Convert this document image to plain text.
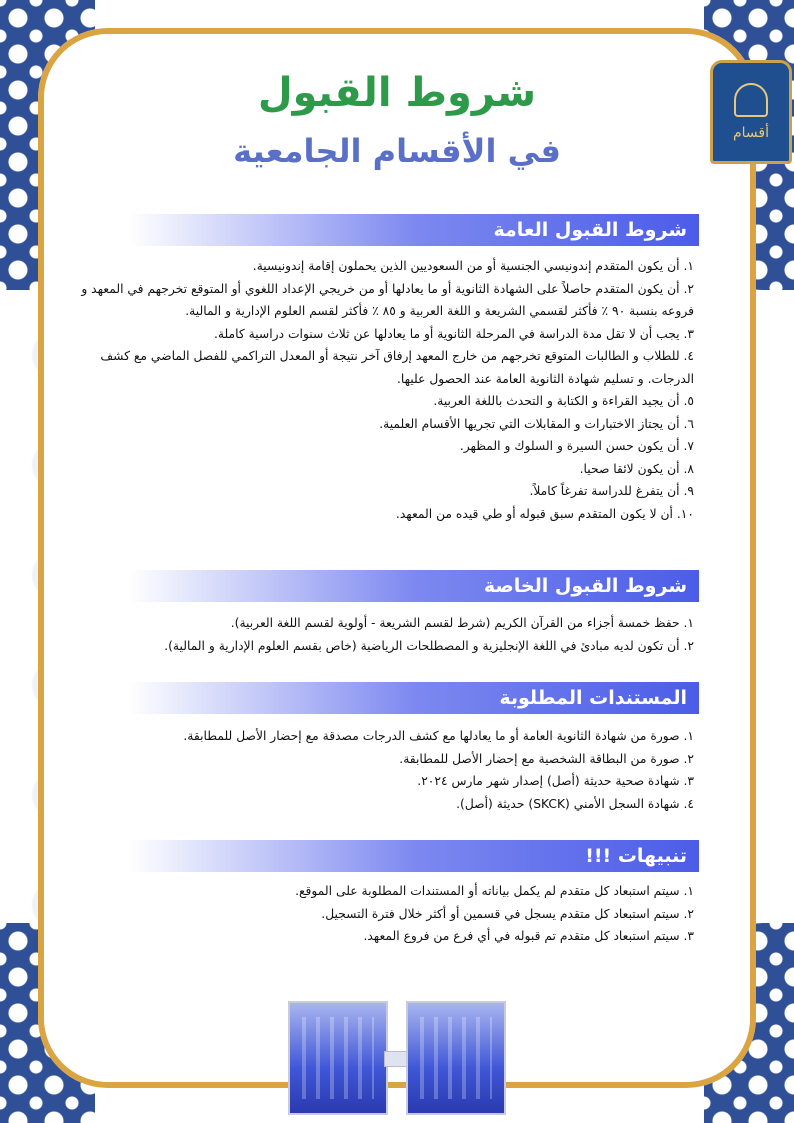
أقسام
شروط القبول
في الأقسام الجامعية
شروط القبول العامة
١. أن يكون المتقدم إندونيسي الجنسية أو من السعوديين الذين يحملون إقامة إندونيسية.
٢. أن يكون المتقدم حاصلاً على الشهادة الثانوية أو ما يعادلها أو من خريجي الإعداد اللغوي أو المتوقع تخرجهم في المعهد و فروعه بنسبة ٩٠ ٪ فأكثر لقسمي الشريعة و اللغة العربية و ٨٥ ٪ فأكثر لقسم العلوم الإدارية و المالية.
٣. يجب أن لا تقل مدة الدراسة في المرحلة الثانوية أو ما يعادلها عن ثلاث سنوات دراسية كاملة.
٤. للطلاب و الطالبات المتوقع تخرجهم من خارج المعهد إرفاق آخر نتيجة أو المعدل التراكمي للفصل الماضي مع كشف الدرجات. و تسليم شهادة الثانوية العامة عند الحصول عليها.
٥. أن يجيد القراءة و الكتابة و التحدث باللغة العربية.
٦. أن يجتاز الاختبارات و المقابلات التي تجريها الأقسام العلمية.
٧. أن يكون حسن السيرة و السلوك و المظهر.
٨. أن يكون لائقا صحيا.
٩. أن يتفرغ للدراسة تفرغاً كاملاً.
١٠. أن لا يكون المتقدم سبق قبوله أو طي قيده من المعهد.
شروط القبول الخاصة
١. حفظ خمسة أجزاء من القرآن الكريم (شرط لقسم الشريعة - أولوية لقسم اللغة العربية).
٢. أن تكون لديه مبادئ في اللغة الإنجليزية و المصطلحات الرياضية (خاص بقسم العلوم الإدارية و المالية).
المستندات المطلوبة
١. صورة من شهادة الثانوية العامة أو ما يعادلها مع كشف الدرجات مصدقة مع إحضار الأصل للمطابقة.
٢. صورة من البطاقة الشخصية مع إحضار الأصل للمطابقة.
٣. شهادة صحية حديثة (أصل) إصدار شهر مارس ٢٠٢٤.
٤. شهادة السجل الأمني (SKCK) حديثة (أصل).
تنبيهات !!!
١. سيتم استبعاد كل متقدم لم يكمل بياناته أو المستندات المطلوبة على الموقع.
٢. سيتم استبعاد كل متقدم يسجل في قسمين أو أكثر خلال فترة التسجيل.
٣. سيتم استبعاد كل متقدم تم قبوله في أي فرع من فروع المعهد.
